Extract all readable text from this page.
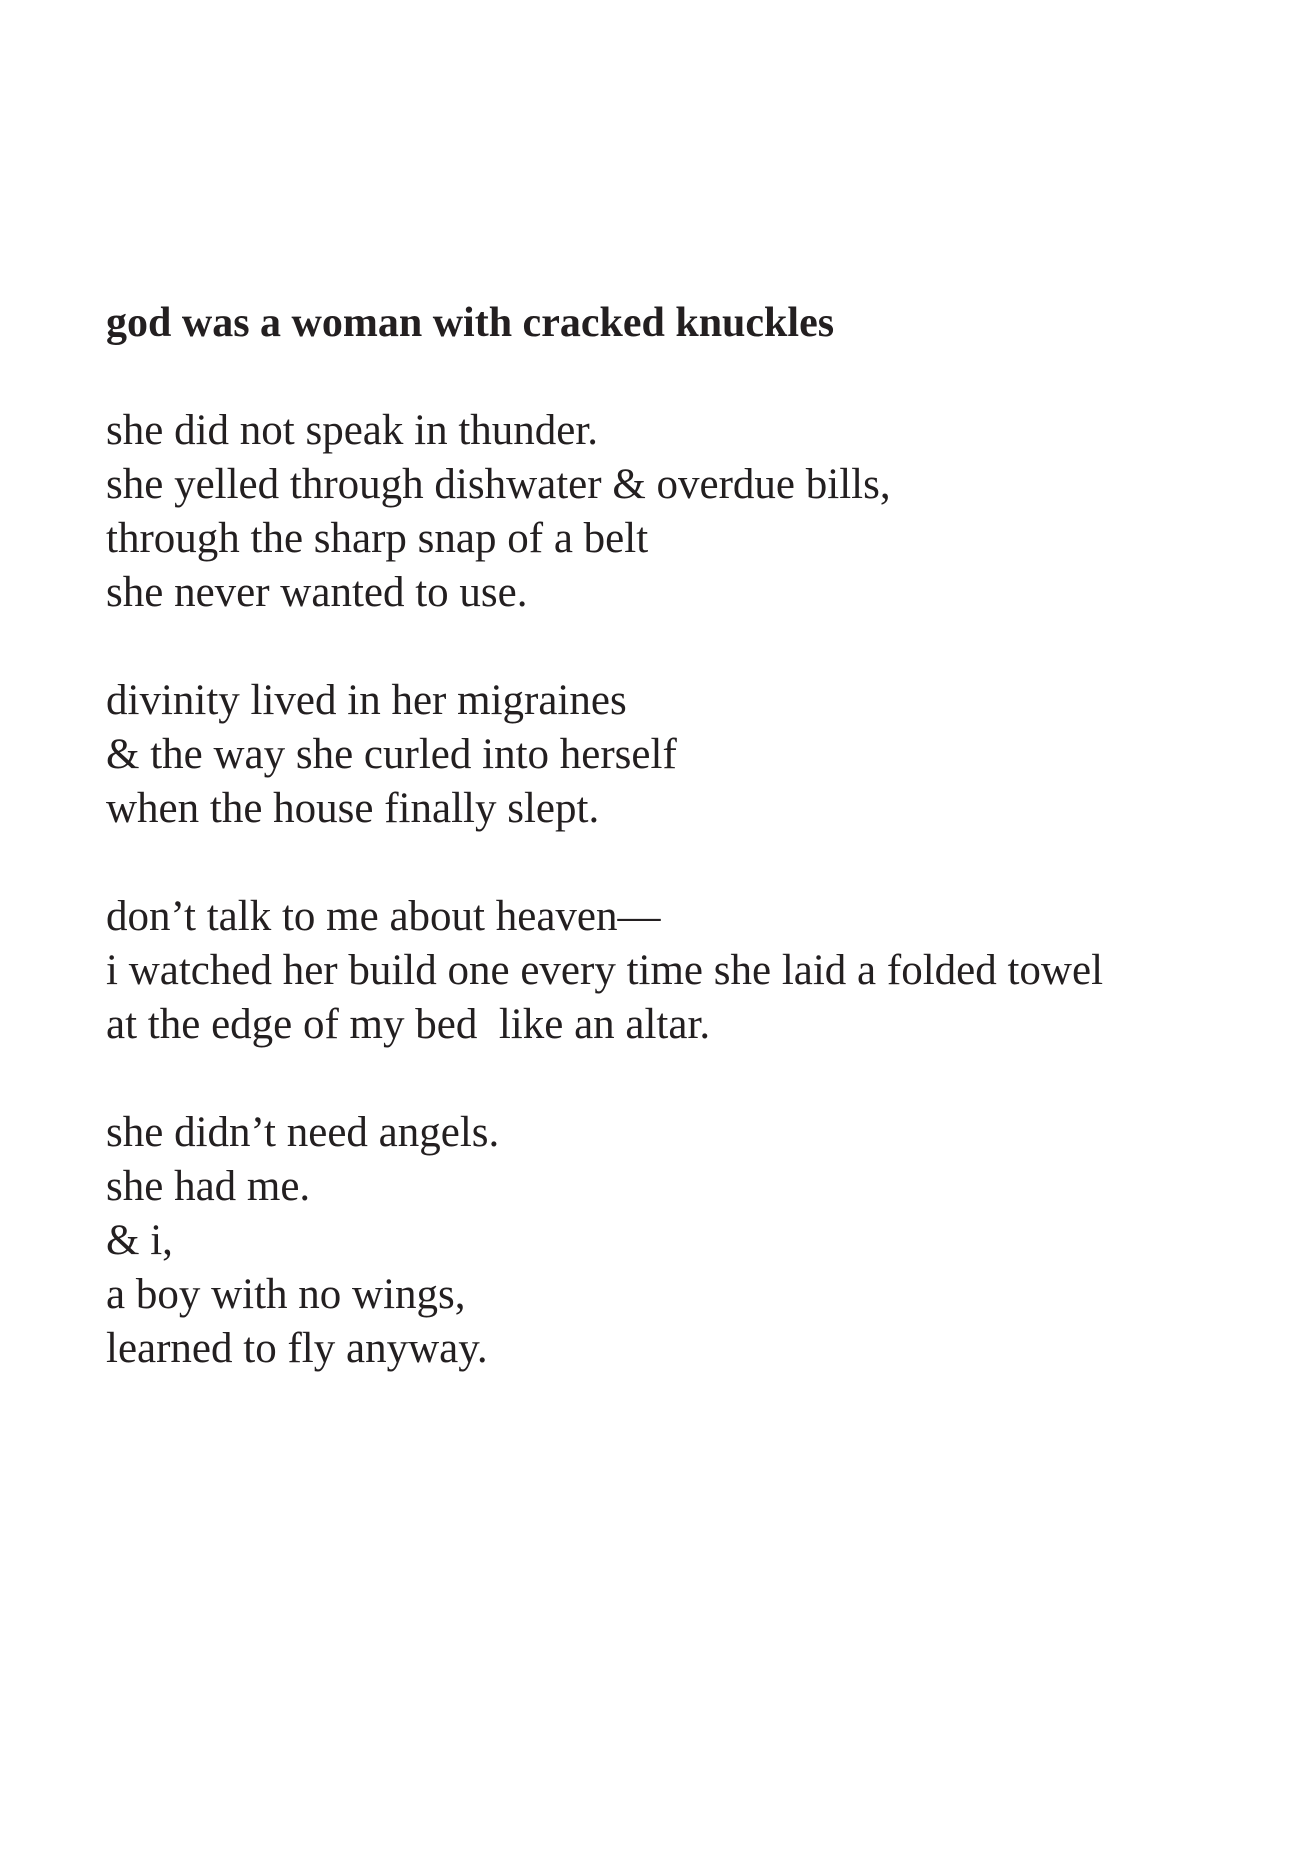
god was a woman with cracked knuckles
she did not speak in thunder.
she yelled through dishwater & overdue bills,
through the sharp snap of a belt
she never wanted to use.
divinity lived in her migraines
& the way she curled into herself
when the house finally slept.
don’t talk to me about heaven—
i watched her build one every time she laid a folded towel
at the edge of my bed  like an altar.
she didn’t need angels.
she had me.
& i,
a boy with no wings,
learned to fly anyway.
